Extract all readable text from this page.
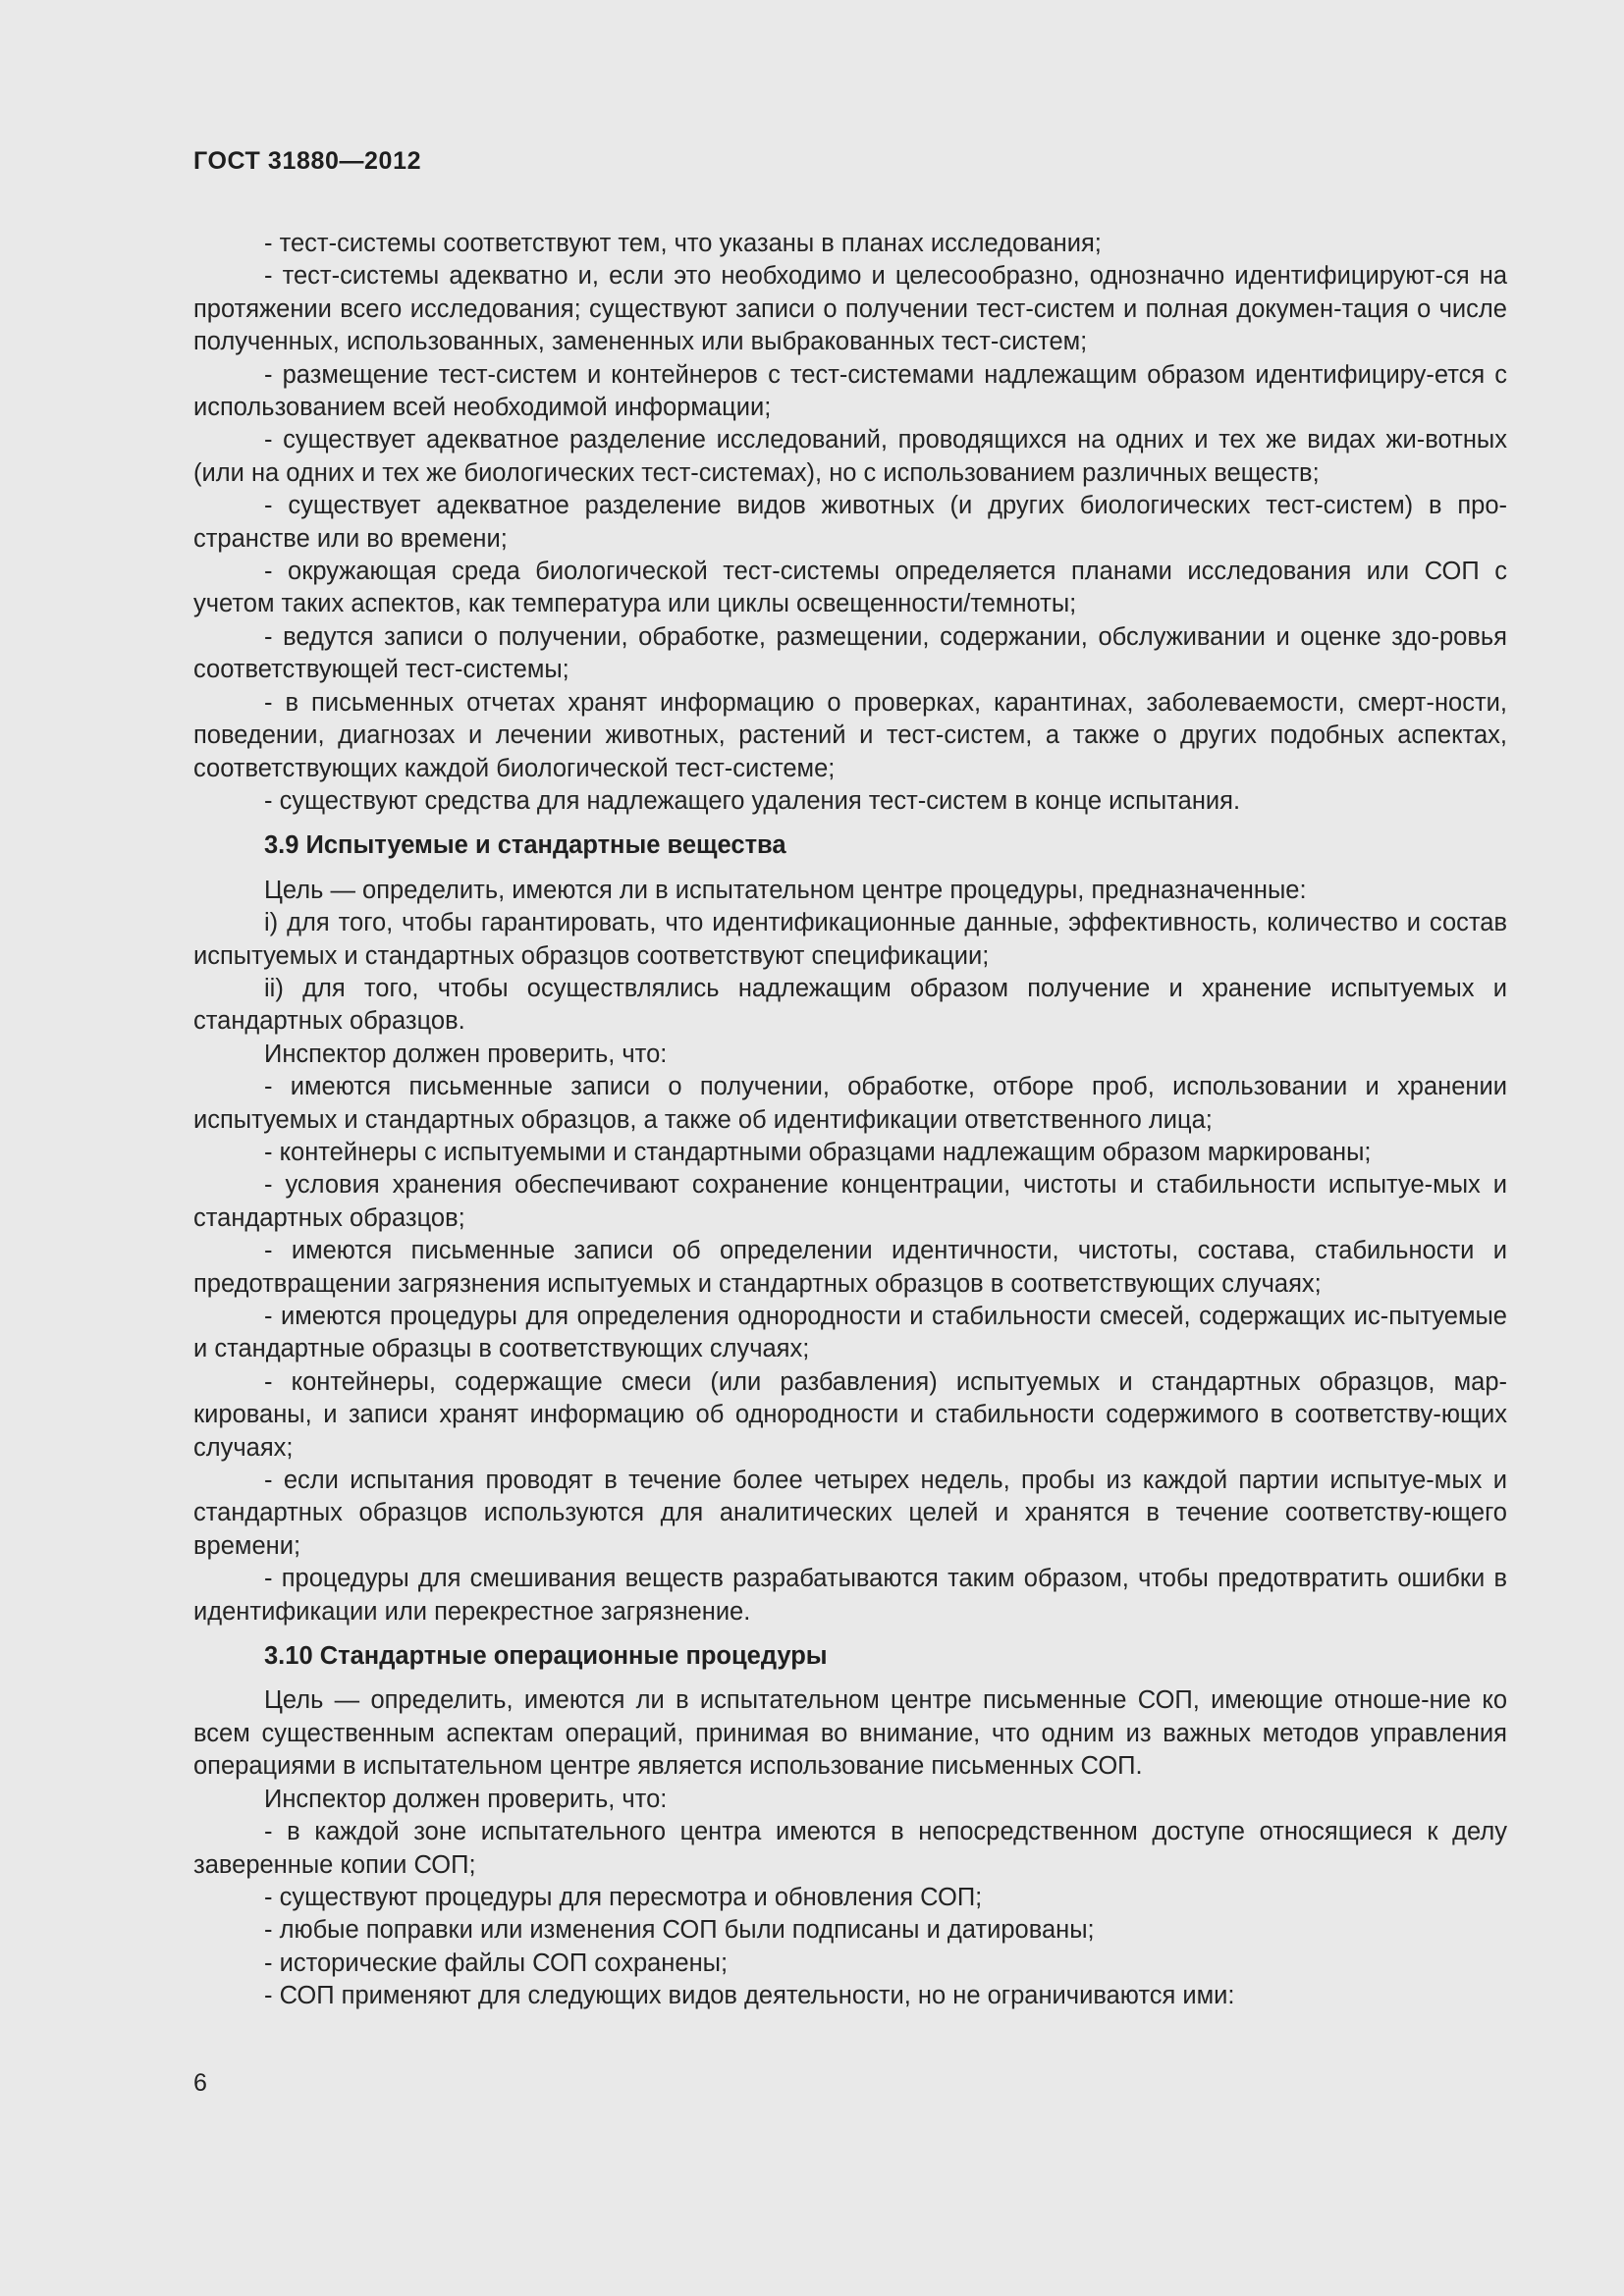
ГОСТ 31880—2012

- тест-системы соответствуют тем, что указаны в планах исследования;

- тест-системы адекватно и, если это необходимо и целесообразно, однозначно идентифицируют-ся на протяжении всего исследования; существуют записи о получении тест-систем и полная докумен-тация о числе полученных, использованных, замененных или выбракованных тест-систем;

- размещение тест-систем и контейнеров с тест-системами надлежащим образом идентифициру-ется с использованием всей необходимой информации;

- существует адекватное разделение исследований, проводящихся на одних и тех же видах жи-вотных (или на одних и тех же биологических тест-системах), но с использованием различных веществ;

- существует адекватное разделение видов животных (и других биологических тест-систем) в про-странстве или во времени;

- окружающая среда биологической тест-системы определяется планами исследования или СОП с учетом таких аспектов, как температура или циклы освещенности/темноты;

- ведутся записи о получении, обработке, размещении, содержании, обслуживании и оценке здо-ровья соответствующей тест-системы;

- в письменных отчетах хранят информацию о проверках, карантинах, заболеваемости, смерт-ности, поведении, диагнозах и лечении животных, растений и тест-систем, а также о других подобных аспектах, соответствующих каждой биологической тест-системе;

- существуют средства для надлежащего удаления тест-систем в конце испытания.

3.9 Испытуемые и стандартные вещества

Цель — определить, имеются ли в испытательном центре процедуры, предназначенные:

i) для того, чтобы гарантировать, что идентификационные данные, эффективность, количество и состав испытуемых и стандартных образцов соответствуют спецификации;

ii) для того, чтобы осуществлялись надлежащим образом получение и хранение испытуемых и стандартных образцов.

Инспектор должен проверить, что:

- имеются письменные записи о получении, обработке, отборе проб, использовании и хранении испытуемых и стандартных образцов, а также об идентификации ответственного лица;

- контейнеры с испытуемыми и стандартными образцами надлежащим образом маркированы;

- условия хранения обеспечивают сохранение концентрации, чистоты и стабильности испытуе-мых и стандартных образцов;

- имеются письменные записи об определении идентичности, чистоты, состава, стабильности и предотвращении загрязнения испытуемых и стандартных образцов в соответствующих случаях;

- имеются процедуры для определения однородности и стабильности смесей, содержащих ис-пытуемые и стандартные образцы в соответствующих случаях;

- контейнеры, содержащие смеси (или разбавления) испытуемых и стандартных образцов, мар-кированы, и записи хранят информацию об однородности и стабильности содержимого в соответству-ющих случаях;

- если испытания проводят в течение более четырех недель, пробы из каждой партии испытуе-мых и стандартных образцов используются для аналитических целей и хранятся в течение соответству-ющего времени;

- процедуры для смешивания веществ разрабатываются таким образом, чтобы предотвратить ошибки в идентификации или перекрестное загрязнение.

3.10 Стандартные операционные процедуры

Цель — определить, имеются ли в испытательном центре письменные СОП, имеющие отноше-ние ко всем существенным аспектам операций, принимая во внимание, что одним из важных методов управления операциями в испытательном центре является использование письменных СОП.

Инспектор должен проверить, что:

- в каждой зоне испытательного центра имеются в непосредственном доступе относящиеся к делу заверенные копии СОП;

- существуют процедуры для пересмотра и обновления СОП;

- любые поправки или изменения СОП были подписаны и датированы;

- исторические файлы СОП сохранены;

- СОП применяют для следующих видов деятельности, но не ограничиваются ими:

6
